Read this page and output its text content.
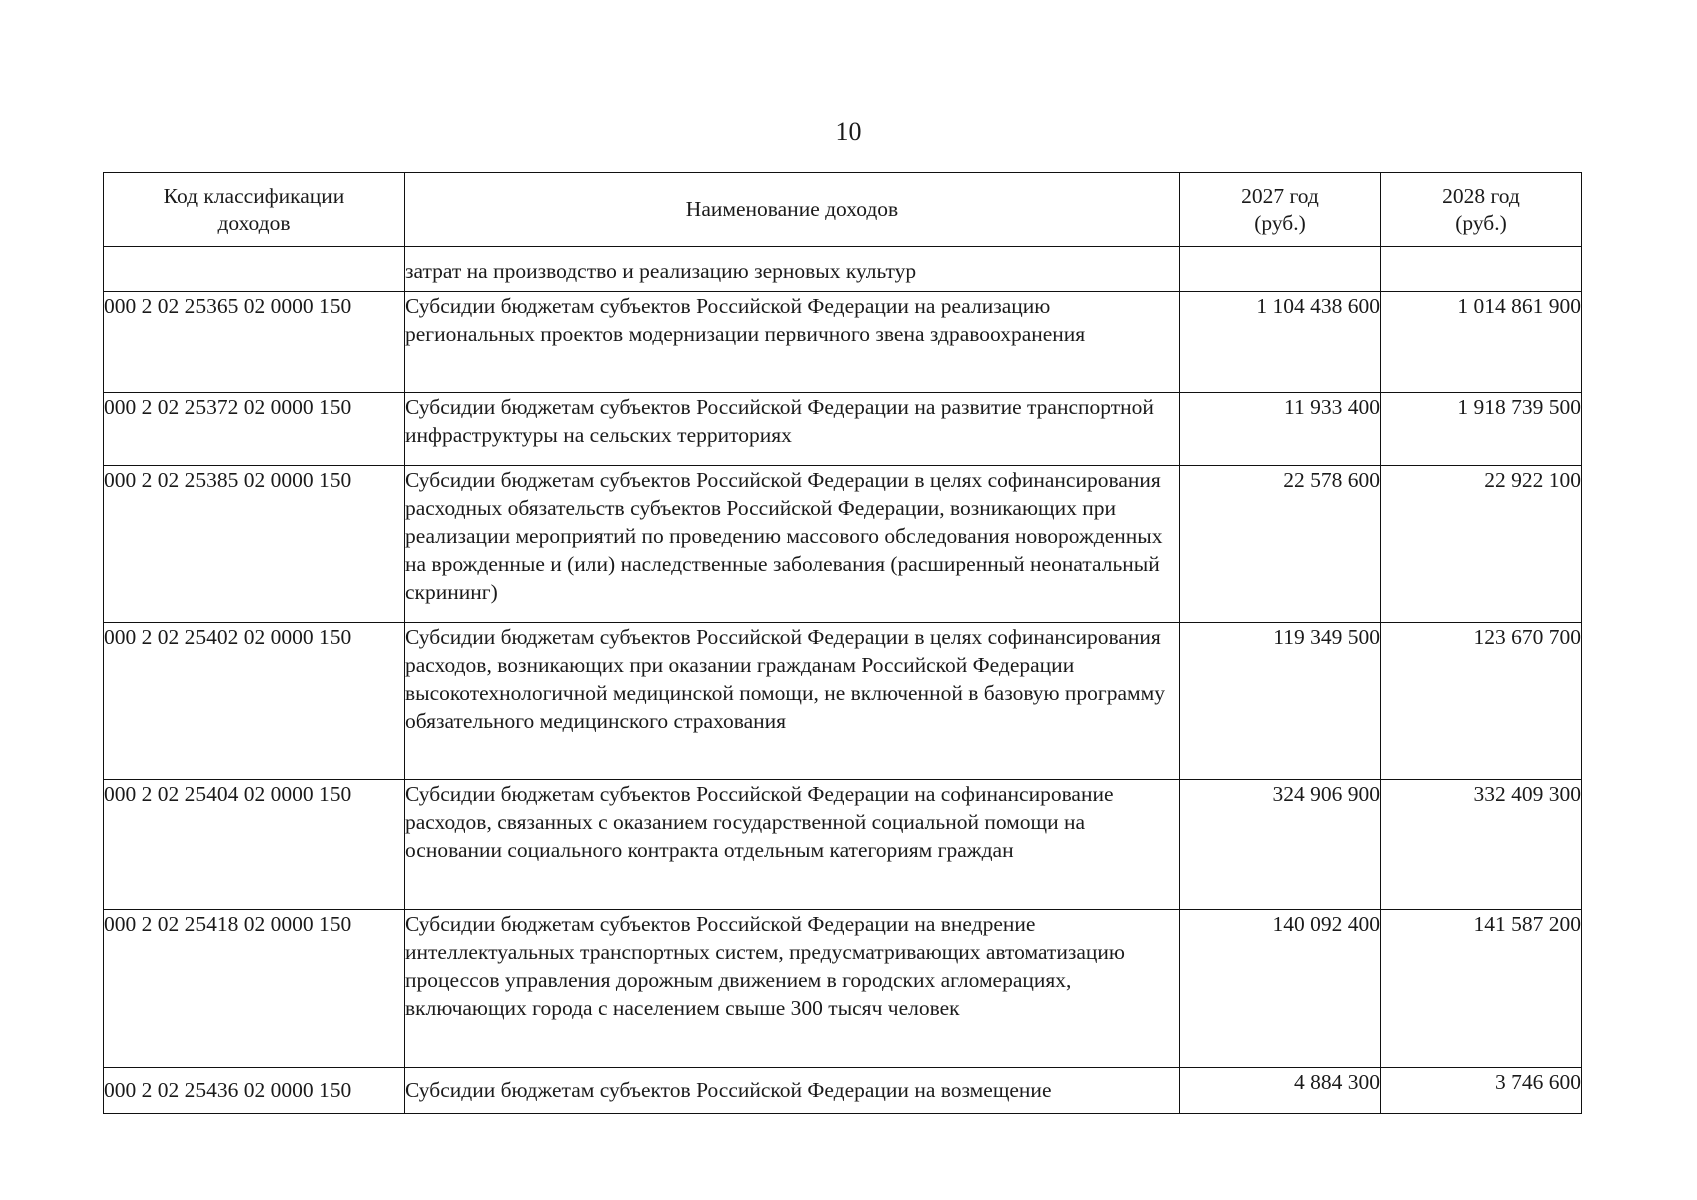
10
Код классификации доходов	Наименование доходов	2027 год (руб.)	2028 год (руб.)
	затрат на производство и реализацию зерновых культур		
000 2 02 25365 02 0000 150	Субсидии бюджетам субъектов Российской Федерации на реализацию региональных проектов модернизации первичного звена здравоохранения	1 104 438 600	1 014 861 900
000 2 02 25372 02 0000 150	Субсидии бюджетам субъектов Российской Федерации на развитие транспортной инфраструктуры на сельских территориях	11 933 400	1 918 739 500
000 2 02 25385 02 0000 150	Субсидии бюджетам субъектов Российской Федерации в целях софинансирования расходных обязательств субъектов Российской Федерации, возникающих при реализации мероприятий по проведению массового обследования новорожденных на врожденные и (или) наследственные заболевания (расширенный неонатальный скрининг)	22 578 600	22 922 100
000 2 02 25402 02 0000 150	Субсидии бюджетам субъектов Российской Федерации в целях софинансирования расходов, возникающих при оказании гражданам Российской Федерации высокотехнологичной медицинской помощи, не включенной в базовую программу обязательного медицинского страхования	119 349 500	123 670 700
000 2 02 25404 02 0000 150	Субсидии бюджетам субъектов Российской Федерации на софинансирование расходов, связанных с оказанием государственной социальной помощи на основании социального контракта отдельным категориям граждан	324 906 900	332 409 300
000 2 02 25418 02 0000 150	Субсидии бюджетам субъектов Российской Федерации на внедрение интеллектуальных транспортных систем, предусматривающих автоматизацию процессов управления дорожным движением в городских агломерациях, включающих города с населением свыше 300 тысяч человек	140 092 400	141 587 200
000 2 02 25436 02 0000 150	Субсидии бюджетам субъектов Российской Федерации на возмещение	4 884 300	3 746 600
